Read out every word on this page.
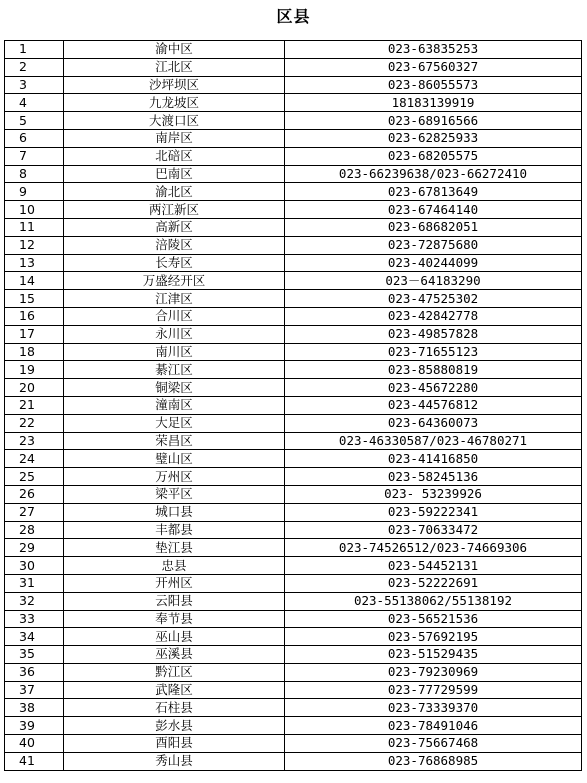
区县
1	渝中区	023-63835253
2	江北区	023-67560327
3	沙坪坝区	023-86055573
4	九龙坡区	18183139919
5	大渡口区	023-68916566
6	南岸区	023-62825933
7	北碚区	023-68205575
8	巴南区	023-66239638/023-66272410
9	渝北区	023-67813649
10	两江新区	023-67464140
11	高新区	023-68682051
12	涪陵区	023-72875680
13	长寿区	023-40244099
14	万盛经开区	023－64183290
15	江津区	023-47525302
16	合川区	023-42842778
17	永川区	023-49857828
18	南川区	023-71655123
19	綦江区	023-85880819
20	铜梁区	023-45672280
21	潼南区	023-44576812
22	大足区	023-64360073
23	荣昌区	023-46330587/023-46780271
24	璧山区	023-41416850
25	万州区	023-58245136
26	梁平区	023- 53239926
27	城口县	023-59222341
28	丰都县	023-70633472
29	垫江县	023-74526512/023-74669306
30	忠县	023-54452131
31	开州区	023-52222691
32	云阳县	023-55138062/55138192
33	奉节县	023-56521536
34	巫山县	023-57692195
35	巫溪县	023-51529435
36	黔江区	023-79230969
37	武隆区	023-77729599
38	石柱县	023-73339370
39	彭水县	023-78491046
40	酉阳县	023-75667468
41	秀山县	023-76868985
